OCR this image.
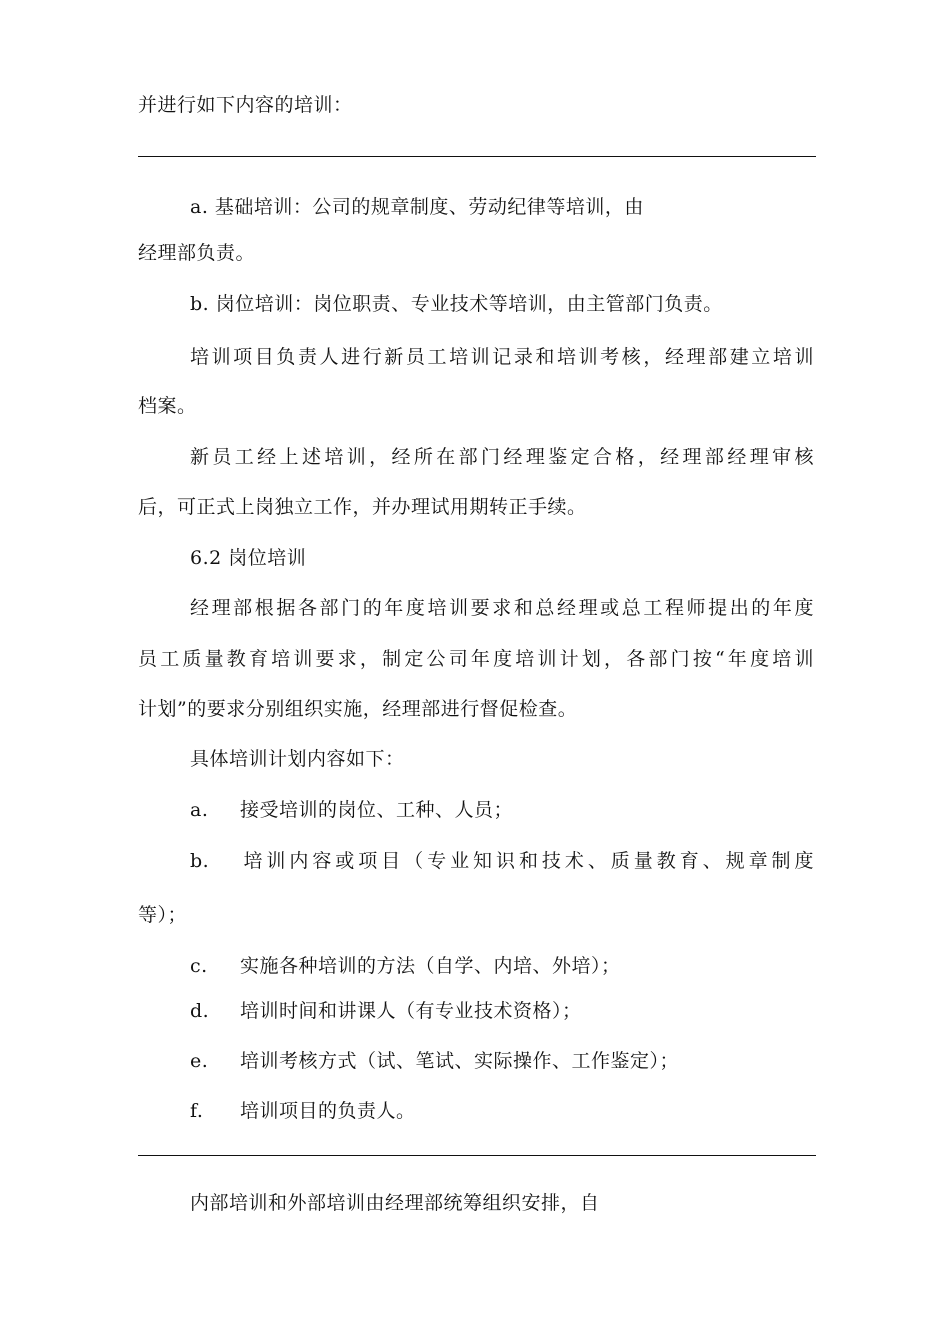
并进行如下内容的培训：
a. 基础培训：公司的规章制度、劳动纪律等培训，由
经理部负责。
b. 岗位培训：岗位职责、专业技术等培训，由主管部门负责。
培训项目负责人进行新员工培训记录和培训考核，经理部建立培训
档案。
新员工经上述培训，经所在部门经理鉴定合格，经理部经理审核
后，可正式上岗独立工作，并办理试用期转正手续。
6.2 岗位培训
经理部根据各部门的年度培训要求和总经理或总工程师提出的年度
员工质量教育培训要求，制定公司年度培训计划，各部门按“年度培训
计划”的要求分别组织实施，经理部进行督促检查。
具体培训计划内容如下：
a. 接受培训的岗位、工种、人员；
b. 培训内容或项目（专业知识和技术、质量教育、规章制度
等）；
c. 实施各种培训的方法（自学、内培、外培）；
d. 培训时间和讲课人（有专业技术资格）；
e. 培训考核方式（试、笔试、实际操作、工作鉴定）；
f. 培训项目的负责人。
内部培训和外部培训由经理部统筹组织安排，自
